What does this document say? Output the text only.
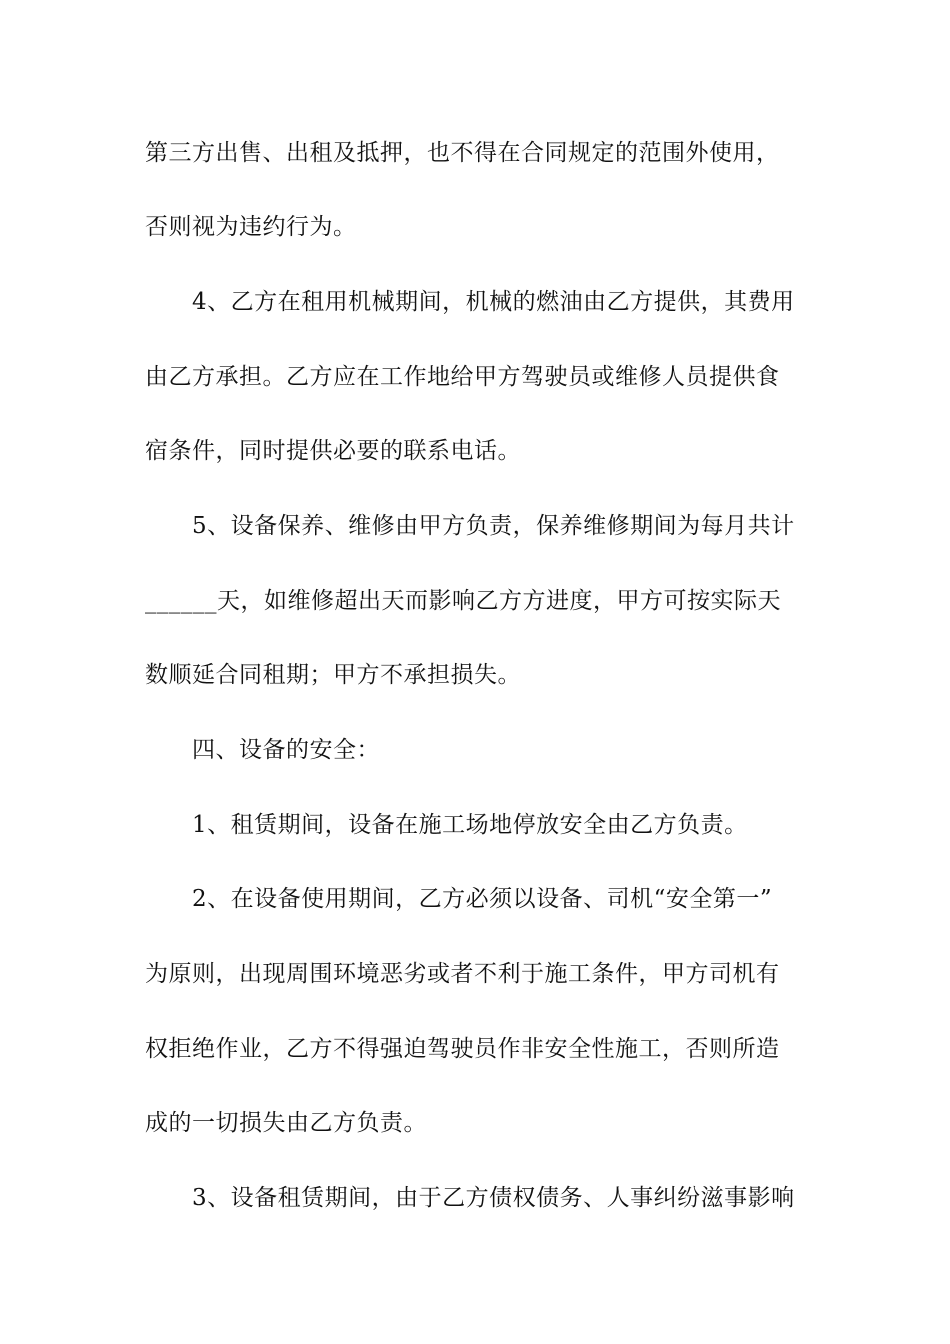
第三方出售、出租及抵押，也不得在合同规定的范围外使用，
否则视为违约行为。
4、乙方在租用机械期间，机械的燃油由乙方提供，其费用
由乙方承担。乙方应在工作地给甲方驾驶员或维修人员提供食
宿条件，同时提供必要的联系电话。
5、设备保养、维修由甲方负责，保养维修期间为每月共计
______天，如维修超出天而影响乙方方进度，甲方可按实际天
数顺延合同租期；甲方不承担损失。
四、设备的安全：
1、租赁期间，设备在施工场地停放安全由乙方负责。
2、在设备使用期间，乙方必须以设备、司机“安全第一”
为原则，出现周围环境恶劣或者不利于施工条件，甲方司机有
权拒绝作业，乙方不得强迫驾驶员作非安全性施工，否则所造
成的一切损失由乙方负责。
3、设备租赁期间，由于乙方债权债务、人事纠纷滋事影响
